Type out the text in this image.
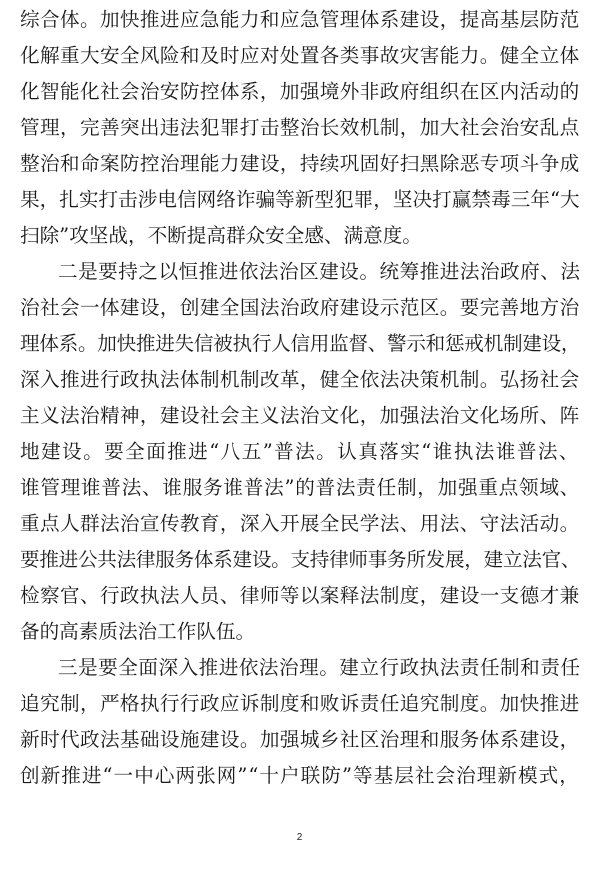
综合体。加快推进应急能力和应急管理体系建设，提高基层防范
化解重大安全风险和及时应对处置各类事故灾害能力。健全立体
化智能化社会治安防控体系，加强境外非政府组织在区内活动的
管理，完善突出违法犯罪打击整治长效机制，加大社会治安乱点
整治和命案防控治理能力建设，持续巩固好扫黑除恶专项斗争成
果，扎实打击涉电信网络诈骗等新型犯罪，坚决打赢禁毒三年“大
扫除”攻坚战，不断提高群众安全感、满意度。
二是要持之以恒推进依法治区建设。统筹推进法治政府、法
治社会一体建设，创建全国法治政府建设示范区。要完善地方治
理体系。加快推进失信被执行人信用监督、警示和惩戒机制建设，
深入推进行政执法体制机制改革，健全依法决策机制。弘扬社会
主义法治精神，建设社会主义法治文化，加强法治文化场所、阵
地建设。要全面推进“八五”普法。认真落实“谁执法谁普法、
谁管理谁普法、谁服务谁普法”的普法责任制，加强重点领域、
重点人群法治宣传教育，深入开展全民学法、用法、守法活动。
要推进公共法律服务体系建设。支持律师事务所发展，建立法官、
检察官、行政执法人员、律师等以案释法制度，建设一支德才兼
备的高素质法治工作队伍。
三是要全面深入推进依法治理。建立行政执法责任制和责任
追究制，严格执行行政应诉制度和败诉责任追究制度。加快推进
新时代政法基础设施建设。加强城乡社区治理和服务体系建设，
创新推进“一中心两张网”“十户联防”等基层社会治理新模式，
2
